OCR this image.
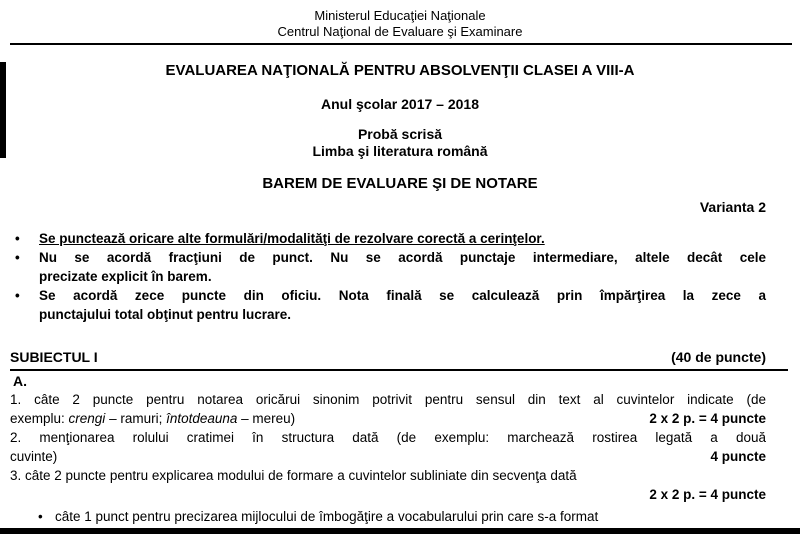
Ministerul Educaţiei Naţionale
Centrul Naţional de Evaluare şi Examinare
EVALUAREA NAŢIONALĂ PENTRU ABSOLVENŢII CLASEI A VIII-A
Anul şcolar 2017 – 2018
Probă scrisă
Limba şi literatura română
BAREM DE EVALUARE ŞI DE NOTARE
Varianta 2
•	Se punctează oricare alte formulări/modalităţi de rezolvare corectă a cerinţelor.
•	Nu se acordă fracţiuni de punct. Nu se acordă punctaje intermediare, altele decât cele
precizate explicit în barem.
•	Se acordă zece puncte din oficiu. Nota finală se calculează prin împărţirea la zece a
punctajului total obţinut pentru lucrare.
SUBIECTUL I	(40 de puncte)
A.
1. câte 2 puncte pentru notarea oricărui sinonim potrivit pentru sensul din text al cuvintelor indicate (de
exemplu: crengi – ramuri; întotdeauna – mereu)	2 x 2 p. = 4 puncte
2. menţionarea rolului cratimei în structura dată (de exemplu: marchează rostirea legată a două
cuvinte)	4 puncte
3. câte 2 puncte pentru explicarea modului de formare a cuvintelor subliniate din secvenţa dată
2 x 2 p. = 4 puncte
• câte 1 punct pentru precizarea mijlocului de îmbogăţire a vocabularului prin care s-a format
